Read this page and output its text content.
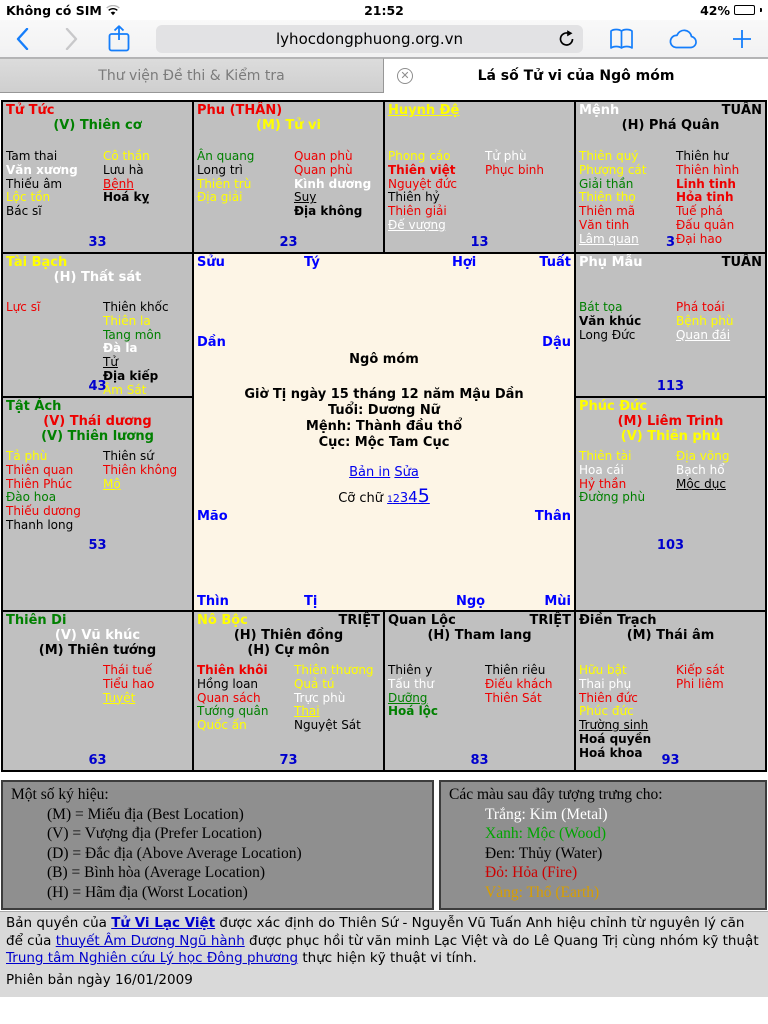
Không có SIM	21:52	42%
lyhocdongphuong.org.vn
Thư viện Đề thi & Kiểm tra	✕	Lá số Tử vi của Ngô móm
Tử Tức
(V) Thiên cơ
Tam thai
Văn xương
Thiếu âm
Lộc tồn
Bác sĩ
Cô thần
Lưu hà
Bệnh
Hoá kỵ
33
Phu (THÂN)
(M) Tử vi
Ân quang
Long trì
Thiên trù
Địa giải
Quan phù
Quan phù
Kình dương
Suy
Địa không
23
Huynh Đệ
Phong cáo
Thiên việt
Nguyệt đức
Thiên hỷ
Thiên giải
Đế vượng
Tử phù
Phục binh
13
Mệnh	TUẦN
(H) Phá Quân
Thiên quý
Phượng cát
Giải thần
Thiên thọ
Thiên mã
Văn tinh
Lâm quan
Thiên hư
Thiên hình
Linh tinh
Hỏa tinh
Tuế phá
Đấu quân
Đại hao
3
Tài Bạch
(H) Thất sát
Lực sĩ	Thiên khốc
Thiên la
Tang môn
Đà la
Tử
Địa kiếp
Âm Sát
43
Sửu	Tý	Hợi	Tuất
Dần	Dậu
Mão	Thân
Thìn	Tị	Ngọ	Mùi
Ngô móm
Giờ Tị ngày 15 tháng 12 năm Mậu Dần
Tuổi: Dương Nữ
Mệnh: Thành đầu thổ
Cục: Mộc Tam Cục
Bản in Sửa
Cỡ chữ 12345
Phụ Mẫu	TUẦN
Bát tọa
Văn khúc
Long Đức
Phá toái
Bệnh phù
Quan đái
113
Tật Ách
(V) Thái dương
(V) Thiên lương
Tả phù
Thiên quan
Thiên Phúc
Đào hoa
Thiếu dương
Thanh long
Thiên sứ
Thiên không
Mộ
53
Phúc Đức
(M) Liêm Trinh
(V) Thiên phủ
Thiên tài
Hoa cái
Hỷ thần
Đường phù
Địa võng
Bạch hổ
Mộc dục
103
Thiên Di
(V) Vũ khúc
(M) Thiên tướng
Thái tuế
Tiểu hao
Tuyệt
63
Nô Bộc	TRIỆT
(H) Thiên đồng
(H) Cự môn
Thiên khôi
Hồng loan
Quan sách
Tướng quân
Quốc ấn
Thiên thương
Quả tú
Trực phù
Thai
Nguyệt Sát
73
Quan Lộc	TRIỆT
(H) Tham lang
Thiên y
Tấu thư
Dưỡng
Hoá lộc
Thiên riêu
Điếu khách
Thiên Sát
83
Điền Trạch
(M) Thái âm
Hữu bật
Thai phụ
Thiên đức
Phúc đức
Trường sinh
Hoá quyền
Hoá khoa
Kiếp sát
Phi liêm
93
Một số ký hiệu:
(M) = Miếu địa (Best Location)
(V) = Vượng địa (Prefer Location)
(D) = Đắc địa (Above Average Location)
(B) = Bình hòa (Average Location)
(H) = Hãm địa (Worst Location)
Các màu sau đây tượng trưng cho:
Trắng: Kim (Metal)
Xanh: Mộc (Wood)
Đen: Thủy (Water)
Đỏ: Hỏa (Fire)
Vàng: Thổ (Earth)
Bản quyền của Tử Vi Lạc Việt được xác định do Thiên Sứ - Nguyễn Vũ Tuấn Anh hiệu chỉnh từ nguyên lý căn để của thuyết Âm Dương Ngũ hành được phục hồi từ văn minh Lạc Việt và do Lê Quang Trị cùng nhóm kỹ thuật Trung tâm Nghiên cứu Lý học Đông phương thực hiện kỹ thuật vi tính.
Phiên bản ngày 16/01/2009
